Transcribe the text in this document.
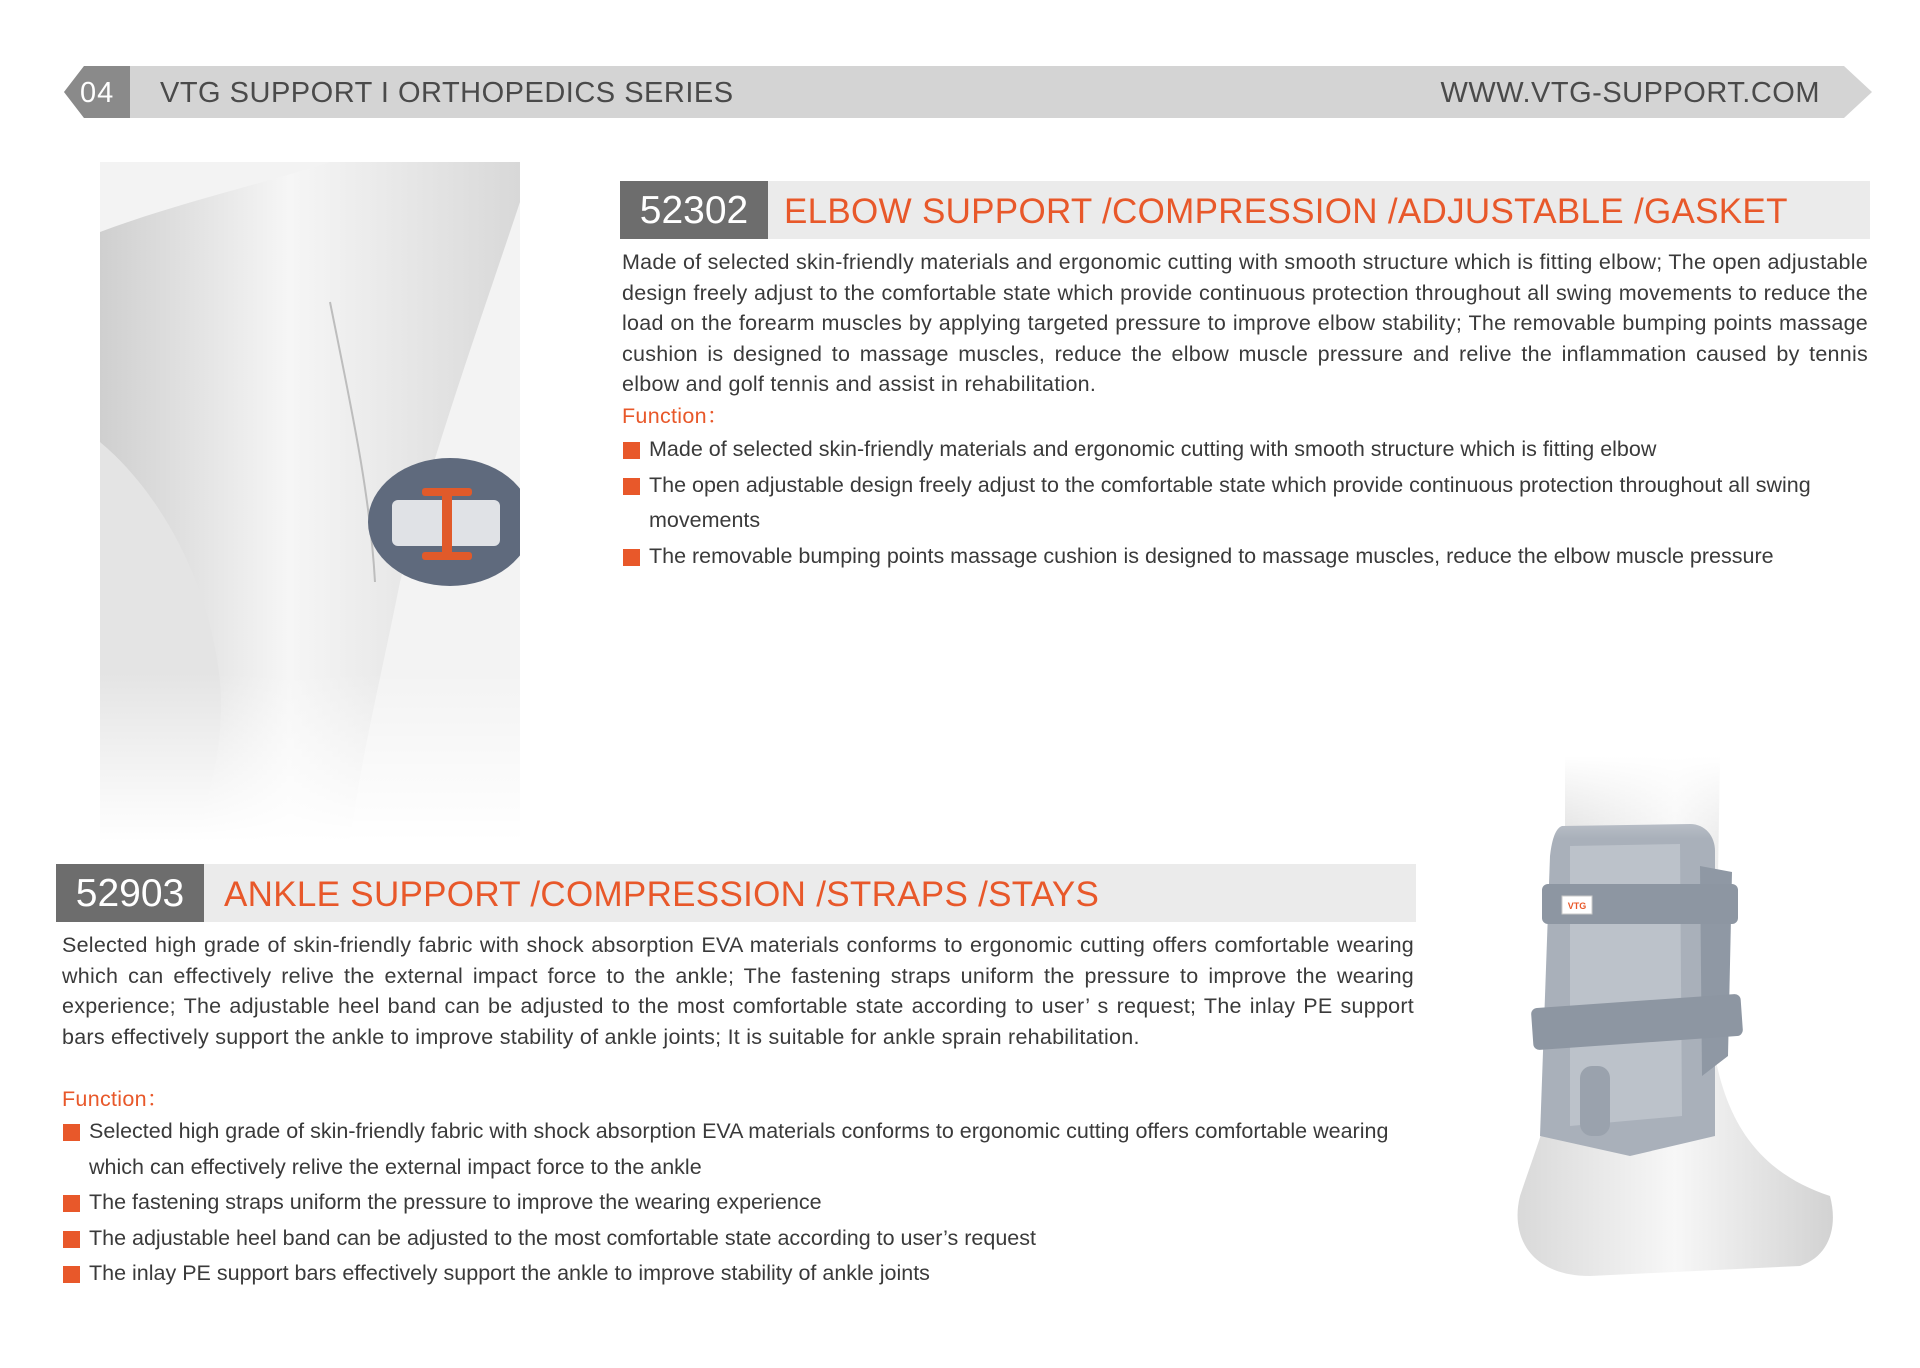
04 VTG SUPPORT I ORTHOPEDICS SERIES	WWW.VTG-SUPPORT.COM
52302	ELBOW SUPPORT /COMPRESSION /ADJUSTABLE /GASKET
Made of selected skin-friendly materials and ergonomic cutting with smooth structure which is fitting elbow; The open adjustable design freely adjust to the comfortable state which provide continuous protection throughout all swing movements to reduce the load on the forearm muscles by applying targeted pressure to improve elbow stability; The removable bumping points massage cushion is designed to massage muscles, reduce the elbow muscle pressure and relive the inflammation caused by tennis elbow and golf tennis and assist in rehabilitation.
Function：
Made of selected skin-friendly materials and ergonomic cutting with smooth structure which is fitting elbow
The open adjustable design freely adjust to the comfortable state which provide continuous protection throughout all swing movements
The removable bumping points massage cushion is designed to massage muscles, reduce the elbow muscle pressure
52903	ANKLE SUPPORT /COMPRESSION /STRAPS /STAYS
Selected high grade of skin-friendly fabric with shock absorption EVA materials conforms to ergonomic cutting offers comfortable wearing which can effectively relive the external impact force to the ankle; The fastening straps uniform the pressure to improve the wearing experience; The adjustable heel band can be adjusted to the most comfortable state according to user’ s request; The inlay PE support bars effectively support the ankle to improve stability of ankle joints; It is suitable for ankle sprain rehabilitation.
Function：
Selected high grade of skin-friendly fabric with shock absorption EVA materials conforms to ergonomic cutting offers comfortable wearing which can effectively relive the external impact force to the ankle
The fastening straps uniform the pressure to improve the wearing experience
The adjustable heel band can be adjusted to the most comfortable state according to user’s request
The inlay PE support bars effectively support the ankle to improve stability of ankle joints
